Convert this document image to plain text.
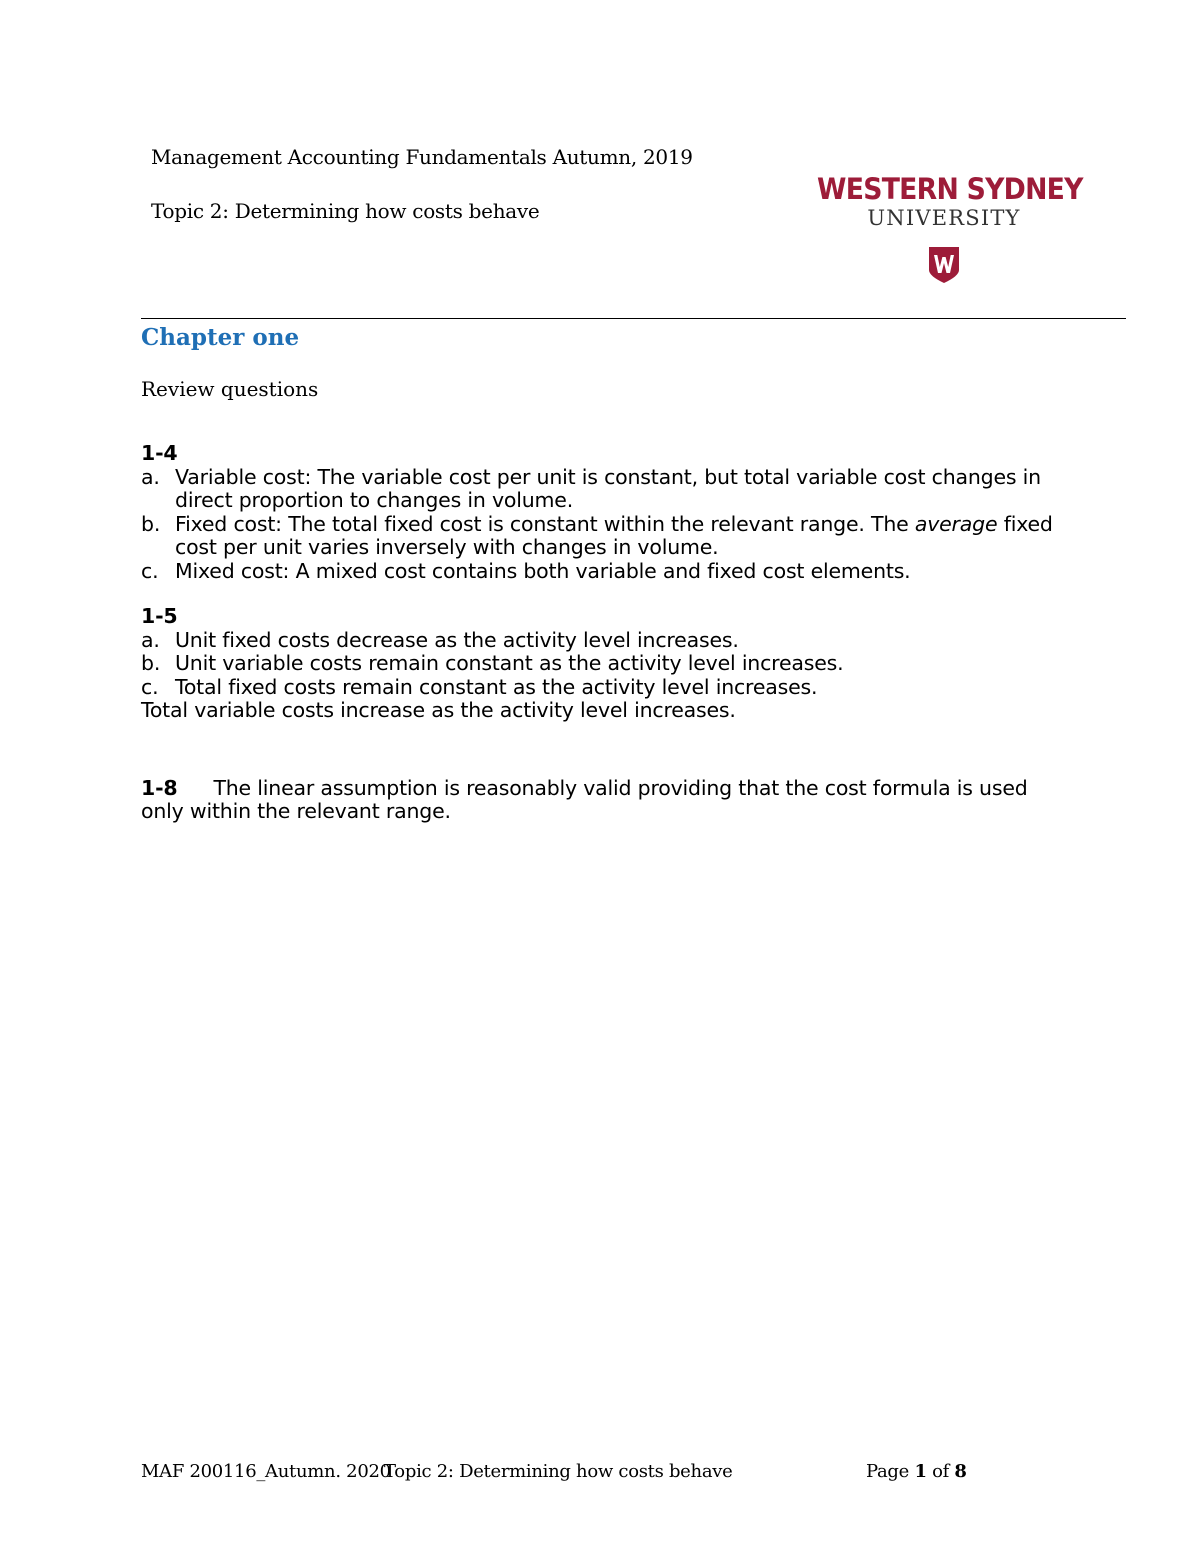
Management Accounting Fundamentals Autumn, 2019
Topic 2: Determining how costs behave
WESTERN SYDNEY
UNIVERSITY
Chapter one
Review questions
1-4
a. Variable cost: The variable cost per unit is constant, but total variable cost changes in direct proportion to changes in volume.
b. Fixed cost: The total fixed cost is constant within the relevant range. The average fixed cost per unit varies inversely with changes in volume.
c. Mixed cost: A mixed cost contains both variable and fixed cost elements.
1-5
a. Unit fixed costs decrease as the activity level increases.
b. Unit variable costs remain constant as the activity level increases.
c. Total fixed costs remain constant as the activity level increases.
Total variable costs increase as the activity level increases.
1-8 The linear assumption is reasonably valid providing that the cost formula is used only within the relevant range.
MAF 200116_Autumn. 2020
Topic 2: Determining how costs behave	Page 1 of 8
